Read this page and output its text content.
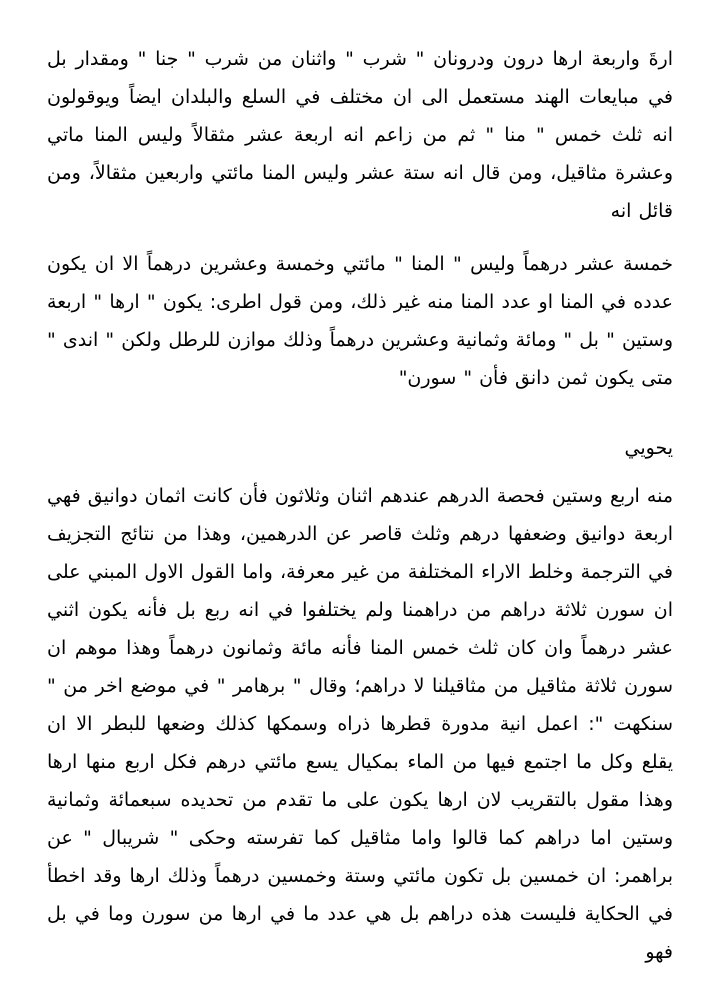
ارةَ واربعة ارها درون ودرونان " شرب " واثنان من شرب " جنا " ومقدار بل في مبايعات الهند مستعمل الى ان مختلف في السلع والبلدان ايضاً ويوقولون انه ثلث خمس " منا " ثم من زاعم انه اربعة عشر مثقالاً وليس المنا ماتي وعشرة مثاقيل، ومن قال انه ستة عشر وليس المنا مائتي واربعين مثقالاً، ومن قائل انه

خمسة عشر درهماً وليس " المنا " مائتي وخمسة وعشرين درهماً الا ان يكون عدده في المنا او عدد المنا منه غير ذلك، ومن قول اطرى: يكون " ارها " اربعة وستين " بل " ومائة وثمانية وعشرين درهماً وذلك موازن للرطل ولكن " اندى " متى يكون ثمن دانق فأن " سورن"

يحويي

منه اربع وستين فحصة الدرهم عندهم اثنان وثلاثون فأن كانت اثمان دوانيق فهي اربعة دوانيق وضعفها درهم وثلث قاصر عن الدرهمين، وهذا من نتائج التجزيف في الترجمة وخلط الاراء المختلفة من غير معرفة، واما القول الاول المبني على ان سورن ثلاثة دراهم من دراهمنا ولم يختلفوا في انه ربع بل فأنه يكون اثني عشر درهماً وان كان ثلث خمس المنا فأنه مائة وثمانون درهماً وهذا موهم ان سورن ثلاثة مثاقيل من مثاقيلنا لا دراهم؛ وقال " برهامر " في موضع اخر من " سنكهت ": اعمل انية مدورة قطرها ذراه وسمكها كذلك وضعها للبطر الا ان يقلع وكل ما اجتمع فيها من الماء بمكيال يسع مائتي درهم فكل اربع منها ارها وهذا مقول بالتقريب لان ارها يكون على ما تقدم من تحديده سبعمائة وثمانية وستين اما دراهم كما قالوا واما مثاقيل كما تفرسته وحكى " شريبال " عن براهمر: ان خمسين بل تكون مائتي وستة وخمسين درهماً وذلك ارها وقد اخطأ في الحكاية فليست هذه دراهم بل هي عدد ما في ارها من سورن وما في بل فهو
